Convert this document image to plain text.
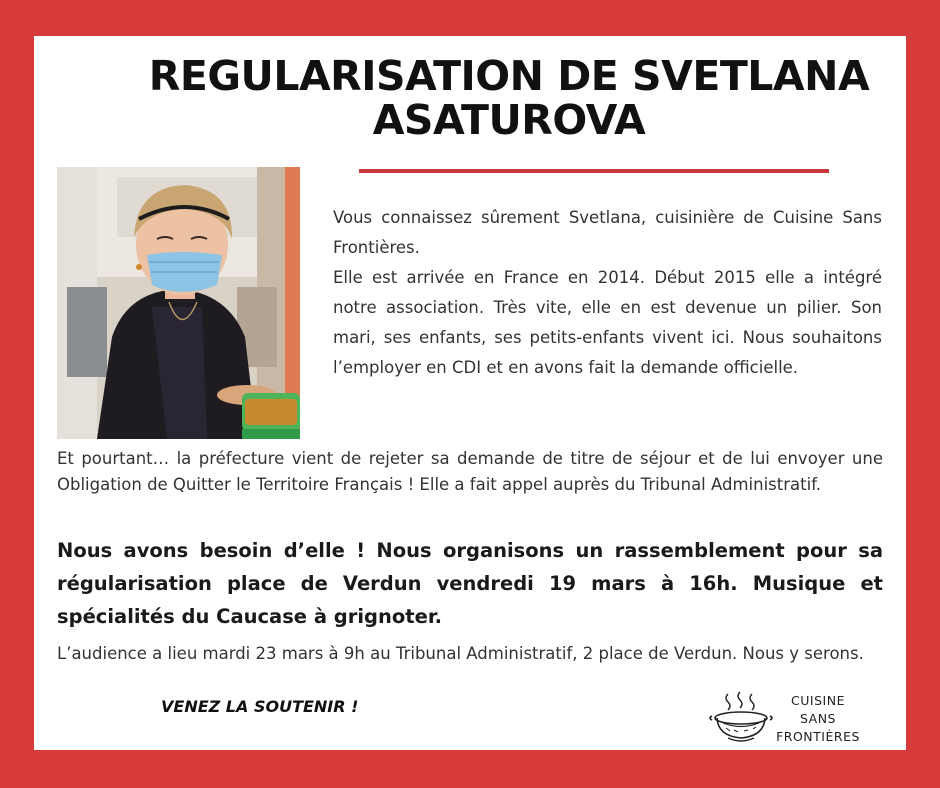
REGULARISATION DE SVETLANA ASATUROVA

Vous connaissez sûrement Svetlana, cuisinière de Cuisine Sans Frontières.

Elle est arrivée en France en 2014. Début 2015 elle a intégré notre association. Très vite, elle en est devenue un pilier. Son mari, ses enfants, ses petits-enfants vivent ici. Nous souhaitons l’employer en CDI et en avons fait la demande officielle.

Et pourtant… la préfecture vient de rejeter sa demande de titre de séjour et de lui envoyer une Obligation de Quitter le Territoire Français ! Elle a fait appel auprès du Tribunal Administratif.

Nous avons besoin d’elle ! Nous organisons un rassemblement pour sa régularisation place de Verdun vendredi 19 mars à 16h. Musique et spécialités du Caucase à grignoter.

L’audience a lieu mardi 23 mars à 9h au Tribunal Administratif, 2 place de Verdun. Nous y serons.

VENEZ LA SOUTENIR !	CUISINE
SANS
FRONTIÈRES
